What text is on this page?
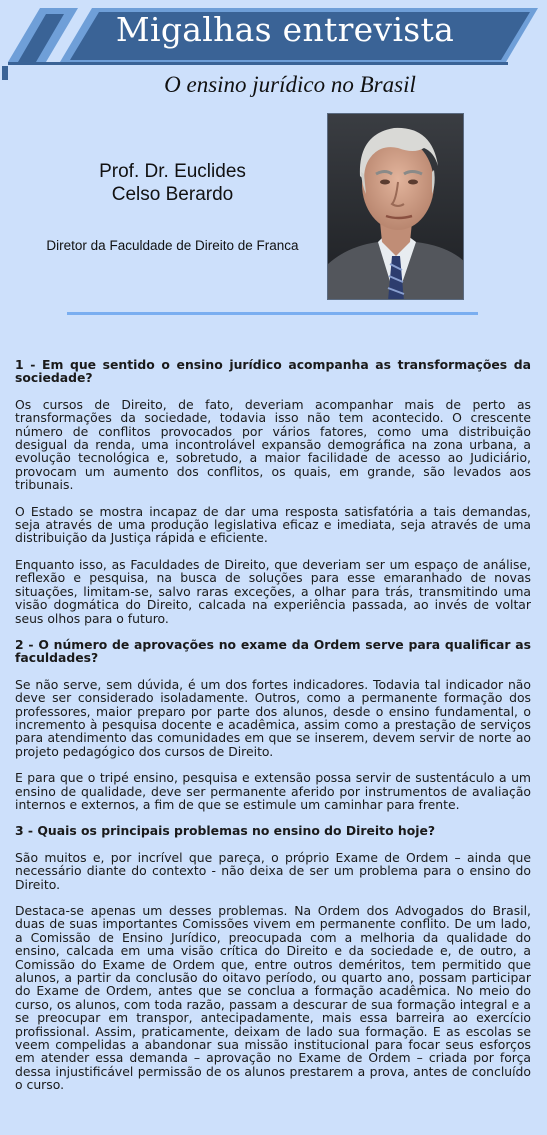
Migalhas entrevista
O ensino jurídico no Brasil

Prof. Dr. Euclides

Celso Berardo

Diretor da Faculdade de Direito de Franca

1 - Em que sentido o ensino jurídico acompanha as transformações da sociedade?

Os cursos de Direito, de fato, deveriam acompanhar mais de perto as transformações da sociedade, todavia isso não tem acontecido. O crescente número de conflitos provocados por vários fatores, como uma distribuição desigual da renda, uma incontrolável expansão demográfica na zona urbana, a evolução tecnológica e, sobretudo, a maior facilidade de acesso ao Judiciário, provocam um aumento dos conflitos, os quais, em grande, são levados aos tribunais.

O Estado se mostra incapaz de dar uma resposta satisfatória a tais demandas, seja através de uma produção legislativa eficaz e imediata, seja através de uma distribuição da Justiça rápida e eficiente.

Enquanto isso, as Faculdades de Direito, que deveriam ser um espaço de análise, reflexão e pesquisa, na busca de soluções para esse emaranhado de novas situações, limitam-se, salvo raras exceções, a olhar para trás, transmitindo uma visão dogmática do Direito, calcada na experiência passada, ao invés de voltar seus olhos para o futuro.

2 - O número de aprovações no exame da Ordem serve para qualificar as faculdades?

Se não serve, sem dúvida, é um dos fortes indicadores. Todavia tal indicador não deve ser considerado isoladamente. Outros, como a permanente formação dos professores, maior preparo por parte dos alunos, desde o ensino fundamental, o incremento à pesquisa docente e acadêmica, assim como a prestação de serviços para atendimento das comunidades em que se inserem, devem servir de norte ao projeto pedagógico dos cursos de Direito.

E para que o tripé ensino, pesquisa e extensão possa servir de sustentáculo a um ensino de qualidade, deve ser permanente aferido por instrumentos de avaliação internos e externos, a fim de que se estimule um caminhar para frente.

3 - Quais os principais problemas no ensino do Direito hoje?

São muitos e, por incrível que pareça, o próprio Exame de Ordem – ainda que necessário diante do contexto - não deixa de ser um problema para o ensino do Direito.

Destaca-se apenas um desses problemas. Na Ordem dos Advogados do Brasil, duas de suas importantes Comissões vivem em permanente conflito. De um lado, a Comissão de Ensino Jurídico, preocupada com a melhoria da qualidade do ensino, calcada em uma visão crítica do Direito e da sociedade e, de outro, a Comissão do Exame de Ordem que, entre outros deméritos, tem permitido que alunos, a partir da conclusão do oitavo período, ou quarto ano, possam participar do Exame de Ordem, antes que se conclua a formação acadêmica. No meio do curso, os alunos, com toda razão, passam a descurar de sua formação integral e a se preocupar em transpor, antecipadamente, mais essa barreira ao exercício profissional. Assim, praticamente, deixam de lado sua formação. E as escolas se veem compelidas a abandonar sua missão institucional para focar seus esforços em atender essa demanda – aprovação no Exame de Ordem – criada por força dessa injustificável permissão de os alunos prestarem a prova, antes de concluído o curso.
